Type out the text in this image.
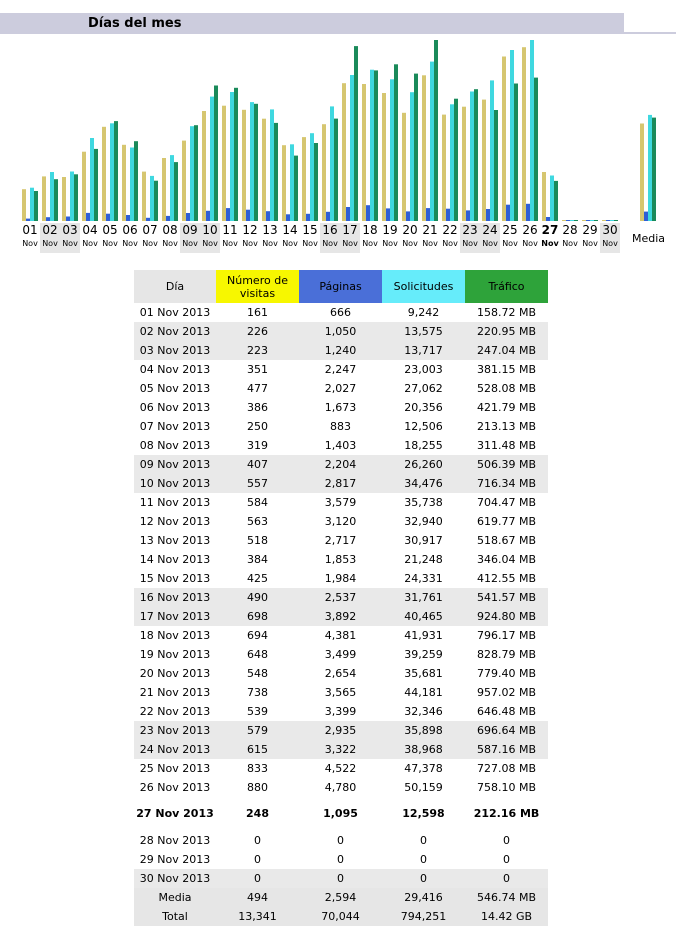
Días del mes
01
Nov
02
Nov
03
Nov
04
Nov
05
Nov
06
Nov
07
Nov
08
Nov
09
Nov
10
Nov
11
Nov
12
Nov
13
Nov
14
Nov
15
Nov
16
Nov
17
Nov
18
Nov
19
Nov
20
Nov
21
Nov
22
Nov
23
Nov
24
Nov
25
Nov
26
Nov
27
Nov
28
Nov
29
Nov
30
Nov Media
Día	Número de visitas	Páginas	Solicitudes	Tráfico
01 Nov 2013	161	666	9,242	158.72 MB
02 Nov 2013	226	1,050	13,575	220.95 MB
03 Nov 2013	223	1,240	13,717	247.04 MB
04 Nov 2013	351	2,247	23,003	381.15 MB
05 Nov 2013	477	2,027	27,062	528.08 MB
06 Nov 2013	386	1,673	20,356	421.79 MB
07 Nov 2013	250	883	12,506	213.13 MB
08 Nov 2013	319	1,403	18,255	311.48 MB
09 Nov 2013	407	2,204	26,260	506.39 MB
10 Nov 2013	557	2,817	34,476	716.34 MB
11 Nov 2013	584	3,579	35,738	704.47 MB
12 Nov 2013	563	3,120	32,940	619.77 MB
13 Nov 2013	518	2,717	30,917	518.67 MB
14 Nov 2013	384	1,853	21,248	346.04 MB
15 Nov 2013	425	1,984	24,331	412.55 MB
16 Nov 2013	490	2,537	31,761	541.57 MB
17 Nov 2013	698	3,892	40,465	924.80 MB
18 Nov 2013	694	4,381	41,931	796.17 MB
19 Nov 2013	648	3,499	39,259	828.79 MB
20 Nov 2013	548	2,654	35,681	779.40 MB
21 Nov 2013	738	3,565	44,181	957.02 MB
22 Nov 2013	539	3,399	32,346	646.48 MB
23 Nov 2013	579	2,935	35,898	696.64 MB
24 Nov 2013	615	3,322	38,968	587.16 MB
25 Nov 2013	833	4,522	47,378	727.08 MB
26 Nov 2013	880	4,780	50,159	758.10 MB
27 Nov 2013	248	1,095	12,598	212.16 MB
28 Nov 2013	0	0	0	0
29 Nov 2013	0	0	0	0
30 Nov 2013	0	0	0	0
Media	494	2,594	29,416	546.74 MB
Total	13,341	70,044	794,251	14.42 GB
